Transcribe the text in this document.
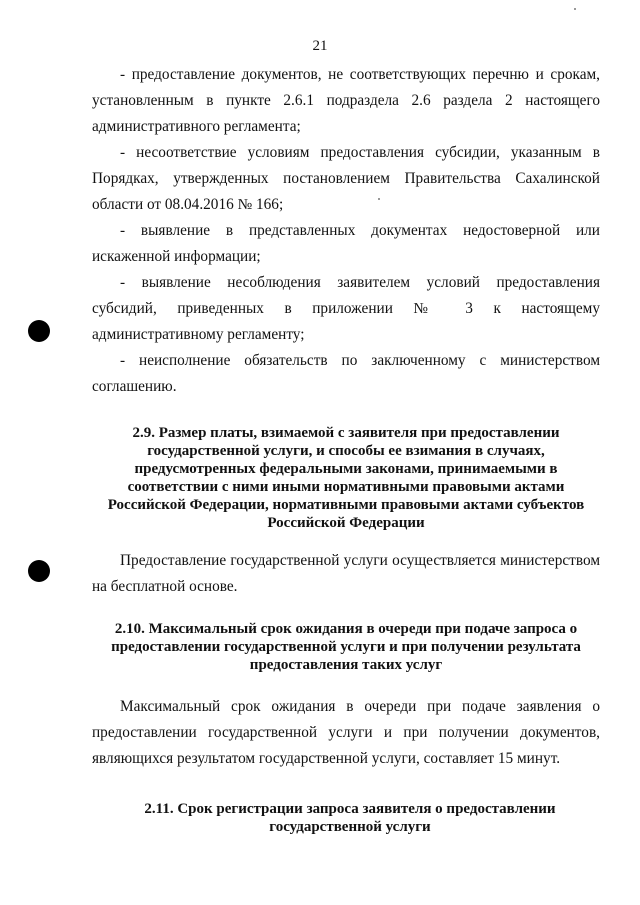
21

- предоставление документов, не соответствующих перечню и срокам, установленным в пункте 2.6.1 подраздела 2.6 раздела 2 настоящего административного регламента;

- несоответствие условиям предоставления субсидии, указанным в Порядках, утвержденных постановлением Правительства Сахалинской области от 08.04.2016 № 166;

- выявление в представленных документах недостоверной или искаженной информации;

- выявление несоблюдения заявителем условий предоставления субсидий, приведенных в приложении № 3 к настоящему административному регламенту;

- неисполнение обязательств по заключенному с министерством соглашению.

2.9. Размер платы, взимаемой с заявителя при предоставлении государственной услуги, и способы ее взимания в случаях, предусмотренных федеральными законами, принимаемыми в соответствии с ними иными нормативными правовыми актами Российской Федерации, нормативными правовыми актами субъектов Российской Федерации

Предоставление государственной услуги осуществляется министерством на бесплатной основе.

2.10. Максимальный срок ожидания в очереди при подаче запроса о предоставлении государственной услуги и при получении результата предоставления таких услуг

Максимальный срок ожидания в очереди при подаче заявления о предоставлении государственной услуги и при получении документов, являющихся результатом государственной услуги, составляет 15 минут.

2.11. Срок регистрации запроса заявителя о предоставлении государственной услуги
